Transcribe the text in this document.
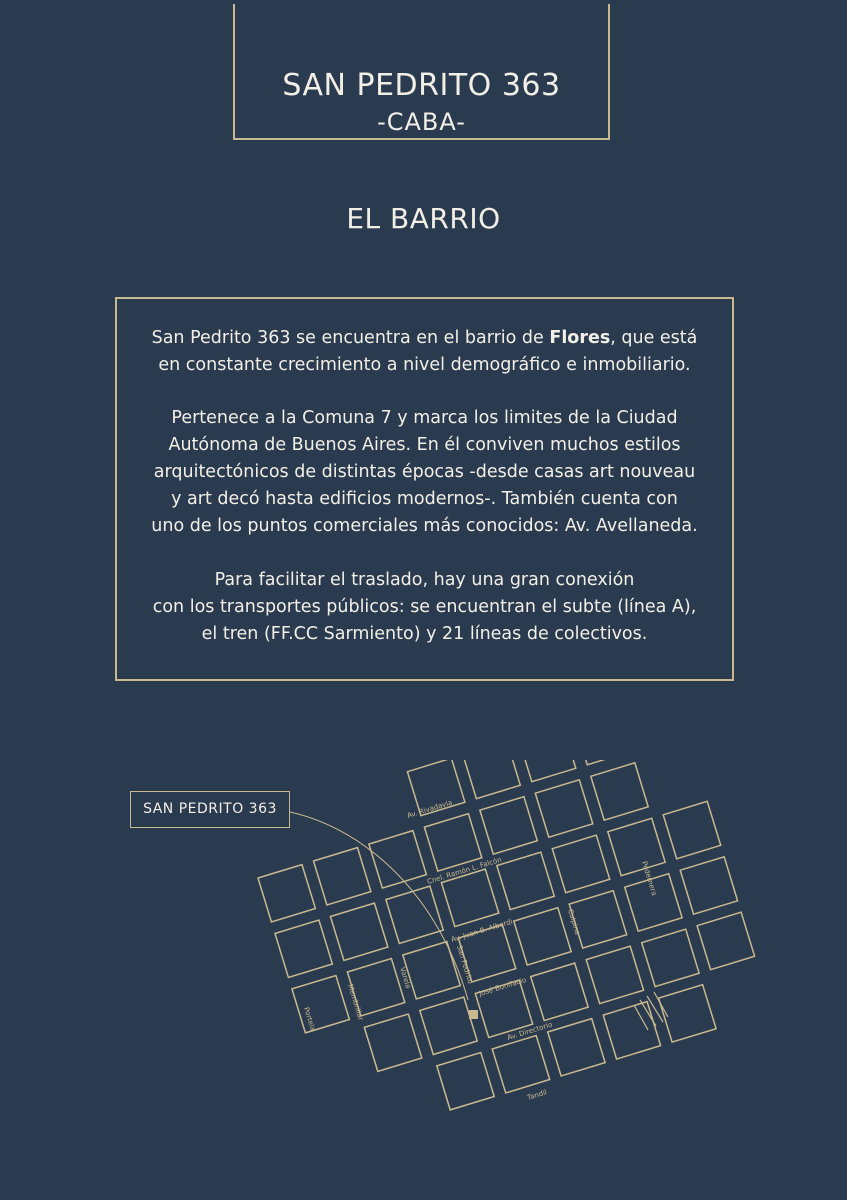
SAN PEDRITO 363
-CABA-
EL BARRIO
San Pedrito 363 se encuentra en el barrio de Flores, que está
en constante crecimiento a nivel demográfico e inmobiliario.
Pertenece a la Comuna 7 y marca los limites de la Ciudad
Autónoma de Buenos Aires. En él conviven muchos estilos
arquitectónicos de distintas épocas -desde casas art nouveau
y art decó hasta edificios modernos-. También cuenta con
uno de los puntos comerciales más conocidos: Av. Avellaneda.
Para facilitar el traslado, hay una gran conexión
con los transportes públicos: se encuentran el subte (línea A),
el tren (FF.CC Sarmiento) y 21 líneas de colectivos.
SAN PEDRITO 363	Av. Rivadavia
Cnel. Ramón L. Falcón
Av. Juan B. Alberdi
Av. Directorio
Tandil
San Pedrito
José Bonifacio
Pedernera
Portela
Culpina
Varela
Membrillar
